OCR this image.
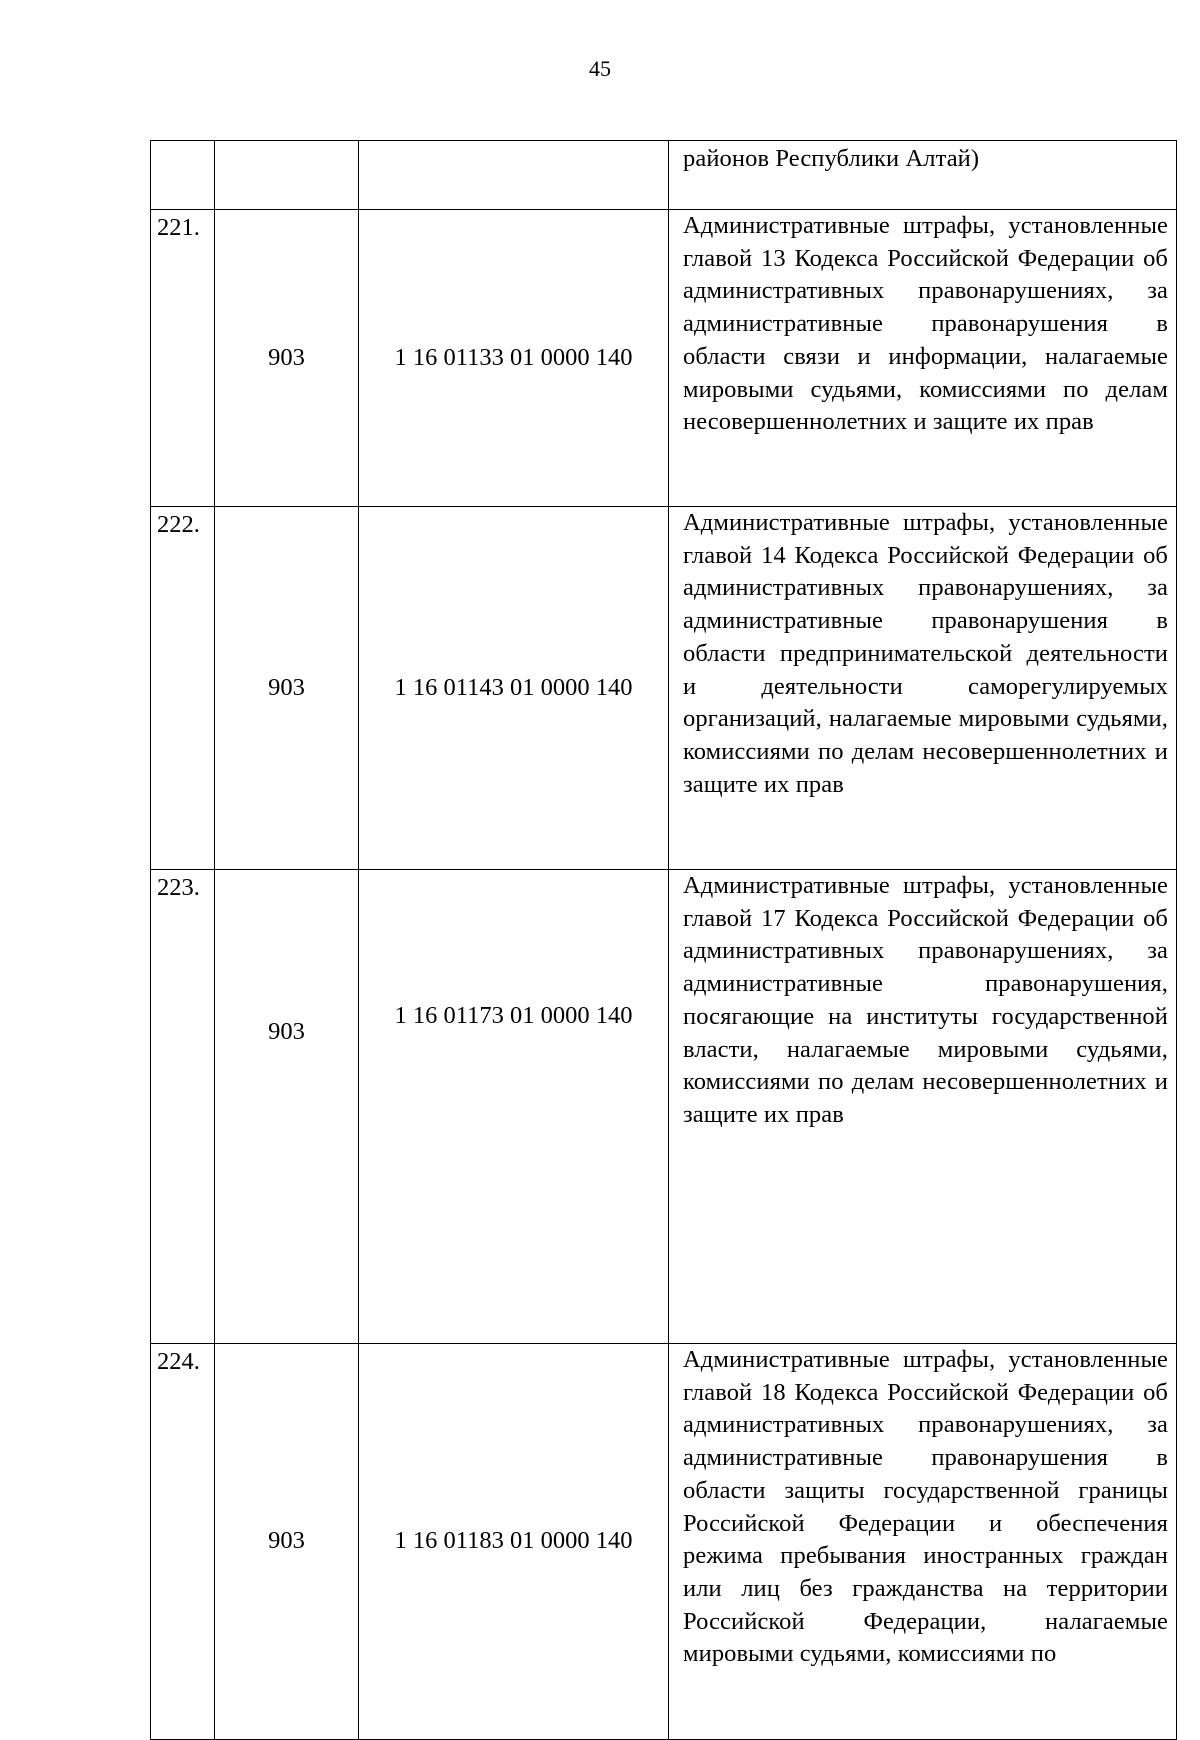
45
			районов Республики Алтай)
221.	903	1 16 01133 01 0000 140	Административные штрафы, установленные главой 13 Кодекса Российской Федерации об административных правонарушениях, за административные правонарушения в области связи и информации, налагаемые мировыми судьями, комиссиями по делам несовершеннолетних и защите их прав
222.	903	1 16 01143 01 0000 140	Административные штрафы, установленные главой 14 Кодекса Российской Федерации об административных правонарушениях, за административные правонарушения в области предпринимательской деятельности и деятельности саморегулируемых организаций, налагаемые мировыми судьями, комиссиями по делам несовершеннолетних и защите их прав
223.	903	1 16 01173 01 0000 140	Административные штрафы, установленные главой 17 Кодекса Российской Федерации об административных правонарушениях, за административные правонарушения, посягающие на институты государственной власти, налагаемые мировыми судьями, комиссиями по делам несовершеннолетних и защите их прав
224.	903	1 16 01183 01 0000 140	Административные штрафы, установленные главой 18 Кодекса Российской Федерации об административных правонарушениях, за административные правонарушения в области защиты государственной границы Российской Федерации и обеспечения режима пребывания иностранных граждан или лиц без гражданства на территории Российской Федерации, налагаемые мировыми судьями, комиссиями по
